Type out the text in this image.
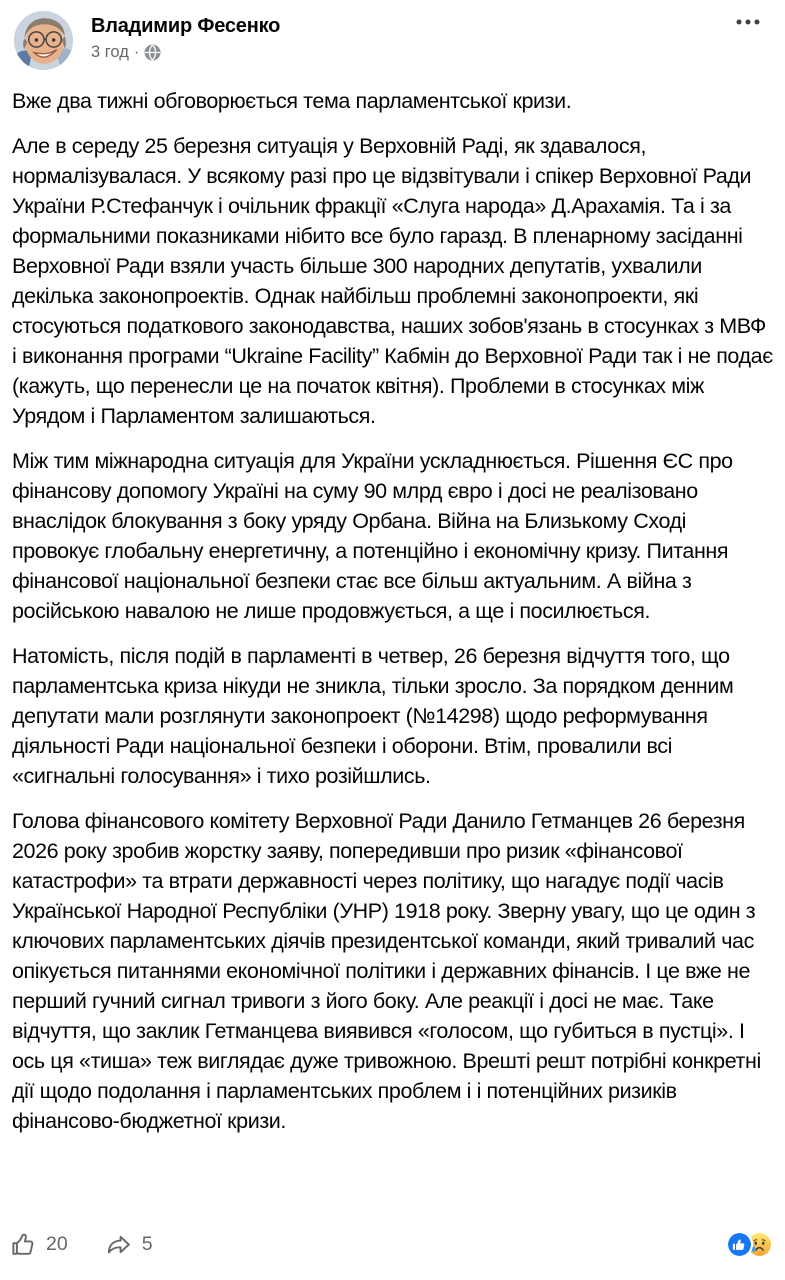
Владимир Фесенко
3 год ·

Вже два тижні обговорюється тема парламентської кризи.

Але в середу 25 березня ситуація у Верховній Раді, як здавалося, нормалізувалася. У всякому разі про це відзвітували і спікер Верховної Ради України Р.Стефанчук і очільник фракції «Слуга народа» Д.Арахамія. Та і за формальними показниками нібито все було гаразд. В пленарному засіданні Верховної Ради взяли участь більше 300 народних депутатів, ухвалили декілька законопроектів. Однак найбільш проблемні законопроекти, які стосуються податкового законодавства, наших зобов'язань в стосунках з МВФ і виконання програми “Ukraine Facility” Кабмін до Верховної Ради так і не подає (кажуть, що перенесли це на початок квітня). Проблеми в стосунках між Урядом і Парламентом залишаються.

Між тим міжнародна ситуація для України ускладнюється. Рішення ЄС про фінансову допомогу Україні на суму 90 млрд євро і досі не реалізовано внаслідок блокування з боку уряду Орбана. Війна на Близькому Сході провокує глобальну енергетичну, а потенційно і економічну кризу. Питання фінансової національної безпеки стає все більш актуальним. А війна з російською навалою не лише продовжується, а ще і посилюється.

Натомість, після подій в парламенті в четвер, 26 березня відчуття того, що парламентська криза нікуди не зникла, тільки зросло. За порядком денним депутати мали розглянути законопроект (№14298) щодо реформування діяльності Ради національної безпеки і оборони. Втім, провалили всі «сигнальні голосування» і тихо розійшлись.

Голова фінансового комітету Верховної Ради Данило Гетманцев 26 березня 2026 року зробив жорстку заяву, попередивши про ризик «фінансової катастрофи» та втрати державності через політику, що нагадує події часів Української Народної Республіки (УНР) 1918 року. Зверну увагу, що це один з ключових парламентських діячів президентської команди, який тривалий час опікується питаннями економічної політики і державних фінансів. І це вже не перший гучний сигнал тривоги з його боку. Але реакції і досі не має. Таке відчуття, що заклик Гетманцева виявився «голосом, що губиться в пустці». І ось ця «тиша» теж виглядає дуже тривожною. Врешті решт потрібні конкретні дії щодо подолання і парламентських проблем і і потенційних ризиків фінансово-бюджетної кризи.

20	5
